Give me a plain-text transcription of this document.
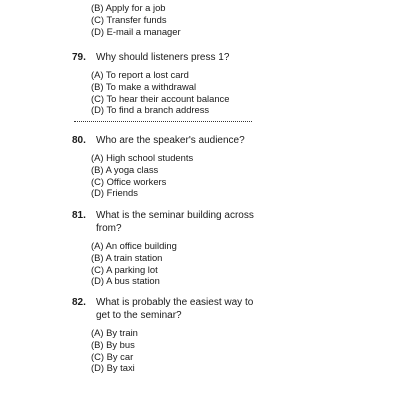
(B) Apply for a job
(C) Transfer funds
(D) E-mail a manager
79.	Why should listeners press 1?
(A) To report a lost card
(B) To make a withdrawal
(C) To hear their account balance
(D) To find a branch address
80.	Who are the speaker's audience?
(A) High school students
(B) A yoga class
(C) Office workers
(D) Friends
81.	What is the seminar building across from?
(A) An office building
(B) A train station
(C) A parking lot
(D) A bus station
82.	What is probably the easiest way to get to the seminar?
(A) By train
(B) By bus
(C) By car
(D) By taxi
